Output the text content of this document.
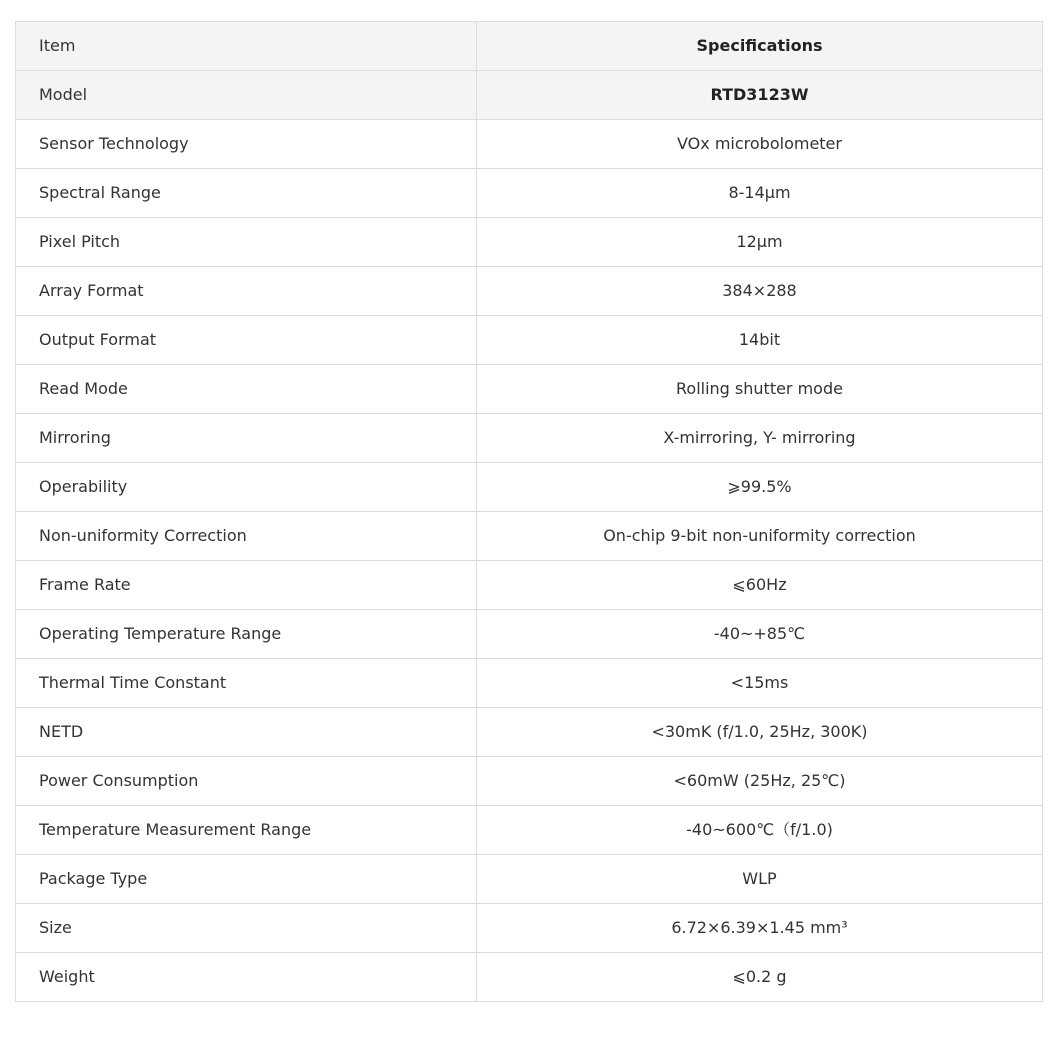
Item	Specifications
Model	RTD3123W
Sensor Technology	VOx microbolometer
Spectral Range	8-14μm
Pixel Pitch	12μm
Array Format	384×288
Output Format	14bit
Read Mode	Rolling shutter mode
Mirroring	X-mirroring, Y- mirroring
Operability	⩾99.5%
Non-uniformity Correction	On-chip 9-bit non-uniformity correction
Frame Rate	⩽60Hz
Operating Temperature Range	-40~+85℃
Thermal Time Constant	<15ms
NETD	<30mK (f/1.0, 25Hz, 300K)
Power Consumption	<60mW (25Hz, 25℃)
Temperature Measurement Range	-40~600℃（f/1.0)
Package Type	WLP
Size	6.72×6.39×1.45 mm³
Weight	⩽0.2 g
